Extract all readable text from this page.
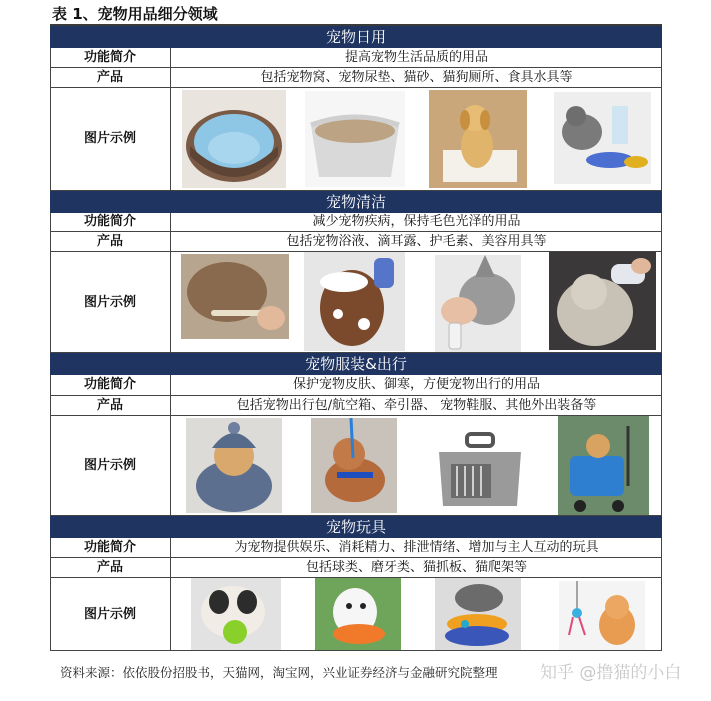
表 1、宠物用品细分领域
宠物日用
功能简介	提高宠物生活品质的用品
产品	包括宠物窝、宠物尿垫、猫砂、猫狗厕所、食具水具等
图片示例
宠物清洁
功能简介	减少宠物疾病，保持毛色光泽的用品
产品	包括宠物浴液、滴耳露、护毛素、美容用具等
图片示例
宠物服装&出行
功能简介	保护宠物皮肤、御寒，方便宠物出行的用品
产品	包括宠物出行包/航空箱、牵引器、 宠物鞋服、其他外出装备等
图片示例
宠物玩具
功能简介	为宠物提供娱乐、消耗精力、排泄情绪、增加与主人互动的玩具
产品	包括球类、磨牙类、猫抓板、猫爬架等
图片示例
资料来源：依依股份招股书，天猫网，淘宝网，兴业证券经济与金融研究院整理 知乎 @撸猫的小白
